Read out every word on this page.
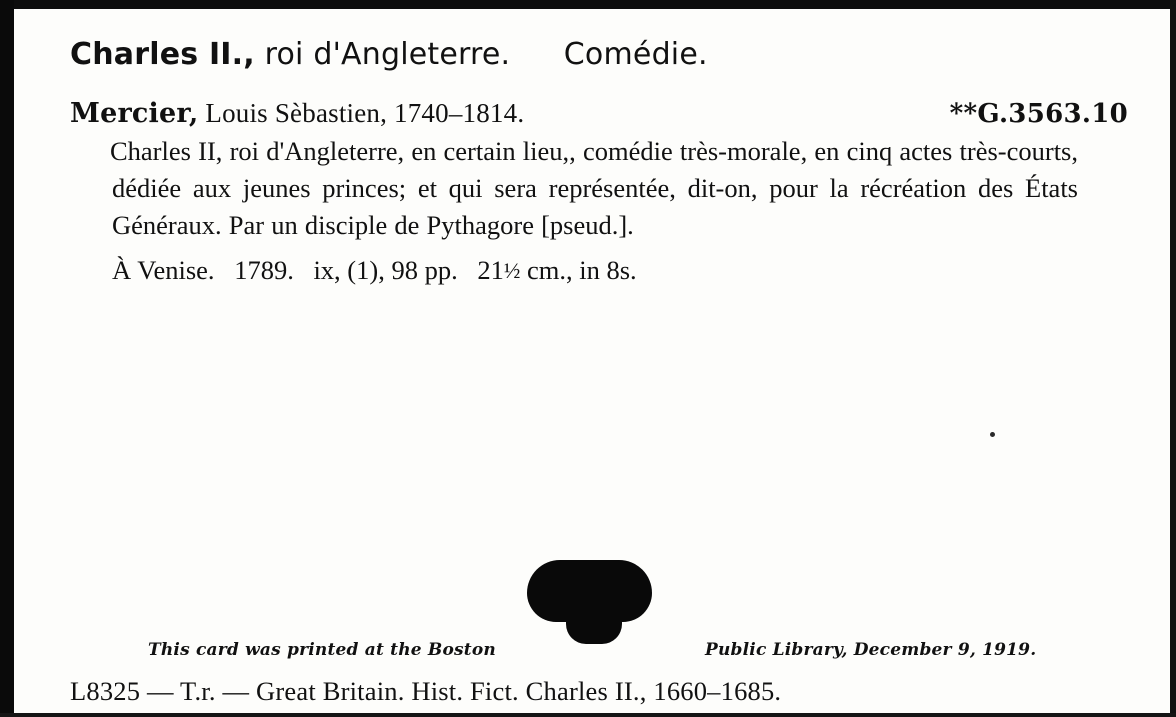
Charles II., roi d'Angleterre. Comédie.
Mercier, Louis Sèbastien, 1740–1814.	**G.3563.10
Charles II, roi d'Angleterre, en certain lieu,, comédie très-morale, en cinq actes très-courts, dédiée aux jeunes princes; et qui sera représentée, dit-on, pour la récréation des États Généraux. Par un disciple de Pythagore [pseud.].
À Venise. 1789. ix, (1), 98 pp. 21½ cm., in 8s.
This card was printed at the Boston	Public Library, December 9, 1919.
L8325 — T.r. — Great Britain. Hist. Fict. Charles II., 1660–1685.
